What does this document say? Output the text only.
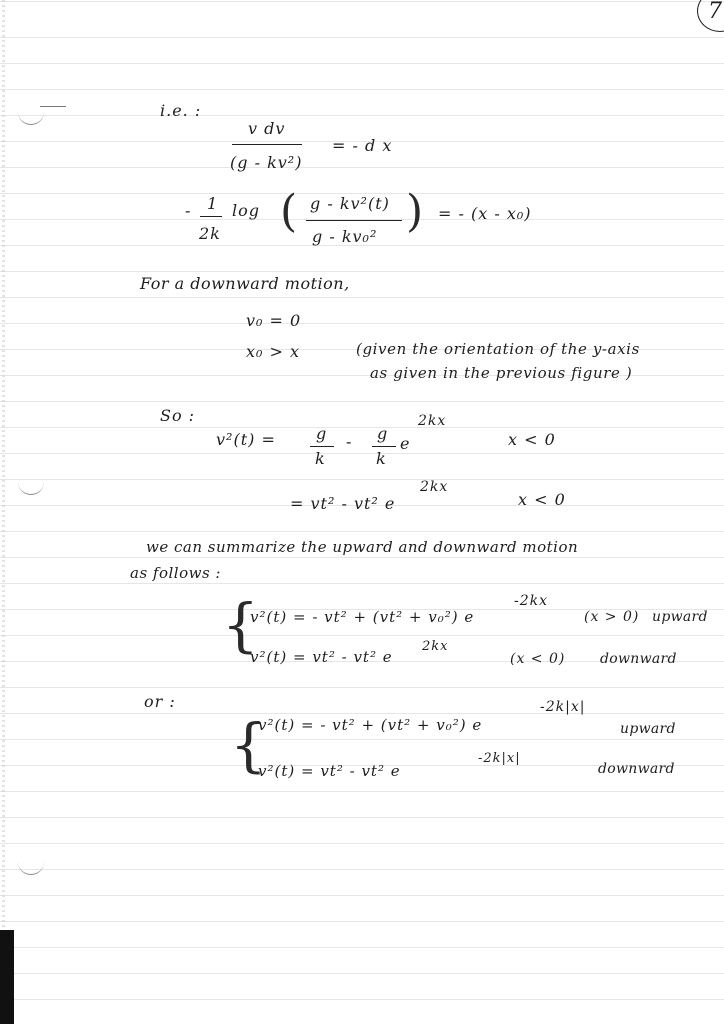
7
i.e. :
v dv
(g - kv²)
= - d x
- 1
2k
log ( g - kv²(t)
g - kv₀² ) = - (x - x₀)
For a downward motion,
v₀ = 0
x₀ > x	(given the orientation of the y-axis
as given in the previous figure )
So :
v²(t) =	g
k
- g
k
e
2kx
x < 0
= vt² - vt² e
2kx
x < 0
we can summarize the upward and downward motion
as follows :
{
v²(t) = - vt² + (vt² + v₀²) e
-2kx
(x > 0) upward
v²(t) = vt² - vt² e
2kx
(x < 0) downward
or :
{
v²(t) = - vt² + (vt² + v₀²) e
-2k|x|
upward
v²(t) = vt² - vt² e
-2k|x|
downward
